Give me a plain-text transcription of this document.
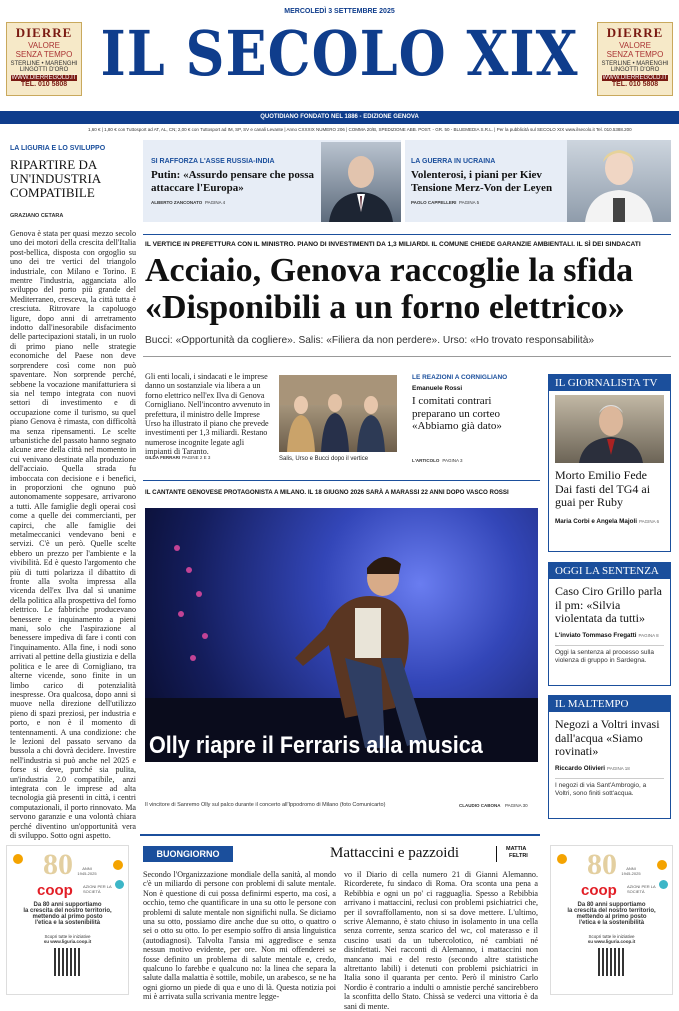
DIERRE
VALORE
SENZA TEMPO
STERLINE • MARENGHI LINGOTTI D'ORO
WWW.DIERREGOLD.IT
TEL. 010 5808
DIERRE
VALORE
SENZA TEMPO
STERLINE • MARENGHI LINGOTTI D'ORO
WWW.DIERREGOLD.IT
TEL. 010 5808
MERCOLEDÌ 3 SETTEMBRE 2025
IL SECOLO XIX
QUOTIDIANO FONDATO NEL 1886 - EDIZIONE GENOVA
1,60 € | 1,80 € con Tuttosport ad AT, AL, CN; 2,00 € con Tuttosport ad IM, SP, SV e canali Levante | Anno CXXXIX NUMERO 206 | COMMA 20/B, SPEDIZIONE ABB. POST. - GR. 50 - BLUEMEDIA S.R.L. | Per la pubblicità sul SECOLO XIX www.ilsecolo.it Tel. 010.5388.200
LA LIGURIA E LO SVILUPPO
RIPARTIRE DA UN'INDUSTRIA COMPATIBILE
GRAZIANO CETARA
Genova è stata per quasi mezzo secolo uno dei motori della crescita dell'Italia post-bellica, disposta con orgoglio su uno dei tre vertici del triangolo industriale, con Milano e Torino. E mentre l'industria, agganciata allo sviluppo del porto più grande del Mediterraneo, cresceva, la città tutta è cresciuta. Ritrovare la capoluogo ligure, dopo anni di arretramento indotto dall'inesorabile disfacimento delle partecipazioni statali, in un ruolo di primo piano nelle strategie economiche del Paese non deve sorprendere così come non può spaventare. Non sorprende perché, sebbene la vocazione manifatturiera si sia nel tempo integrata con nuovi settori di investimento e di occupazione come il turismo, su quel piano Genova è rimasta, con difficoltà ma senza ripensamenti. Le scelte urbanistiche del passato hanno segnato alcune aree della città nel momento in cui venivano destinate alla produzione dell'acciaio. Quella strada fu imboccata con decisione e i benefici, in proporzioni che ognuno può autonomamente soppesare, arrivarono a tutti. Alle famiglie degli operai così come a quelle dei commercianti, per capirci, che alle famiglie dei metalmeccanici vendevano beni e servizi. C'è un però. Quelle scelte ebbero un prezzo per l'ambiente e la vivibilità. Ed è questo l'argomento che più di tutti polarizza il dibattito di fronte alla svolta impressa alla vicenda dell'ex Ilva dal sì unanime della politica alla prospettiva del forno elettrico. Le fabbriche producevano benessere e inquinamento a pieni mani, solo che l'aspirazione al benessere impediva di fare i conti con l'inquinamento. Alla fine, i nodi sono arrivati al pettine della giustizia e della politica e le aree di Cornigliano, tra alterne vicende, sono finite in un limbo carico di potenzialità inespresse. Ora qualcosa, dopo anni si muove nella direzione dell'utilizzo pieno di spazi preziosi, per industria e porto, e non è il momento di tentennamenti. A una condizione: che le lezioni del passato servano da bussola a chi dovrà decidere. Investire nell'industria si può anche nel 2025 e forse si deve, purché sia pulita, un'industria 2.0 compatibile, anzi integrata con le imprese ad alta tecnologia già presenti in città, i centri computazionali, il porto rinnovato. Ma servono garanzie e una volontà chiara perché diventino un'opportunità vera di sviluppo. Sotto ogni aspetto.
SI RAFFORZA L'ASSE RUSSIA-INDIA
Putin: «Assurdo pensare che possa attaccare l'Europa»
ALBERTO ZANCONATO PAGINA 4
LA GUERRA IN UCRAINA
Volenterosi, i piani per Kiev Tensione Merz-Von der Leyen
PAOLO CAPPELLERI PAGINA 5
IL VERTICE IN PREFETTURA CON IL MINISTRO. PIANO DI INVESTIMENTI DA 1,3 MILIARDI. IL COMUNE CHIEDE GARANZIE AMBIENTALI. IL SÌ DEI SINDACATI
Acciaio, Genova raccoglie la sfida
«Disponibili a un forno elettrico»
Bucci: «Opportunità da cogliere». Salis: «Filiera da non perdere». Urso: «Ho trovato responsabilità»
Gli enti locali, i sindacati e le imprese danno un sostanziale via libera a un forno elettrico nell'ex Ilva di Genova Cornigliano. Nell'incontro avvenuto in prefettura, il ministro delle Imprese Urso ha illustrato il piano che prevede investimenti per 1,3 miliardi. Restano numerose incognite legate agli impianti di Taranto.
GILDA FERRARI PAGINE 2 E 3	Salis, Urso e Bucci dopo il vertice
LE REAZIONI A CORNIGLIANO
Emanuele Rossi
I comitati contrari preparano un corteo «Abbiamo già dato»
L'ARTICOLO PAGINA 3
IL CANTANTE GENOVESE PROTAGONISTA A MILANO. IL 18 GIUGNO 2026 SARÀ A MARASSI 22 ANNI DOPO VASCO ROSSI
Olly riapre il Ferraris alla musica
Il vincitore di Sanremo Olly sul palco durante il concerto all'Ippodromo di Milano (foto Comunicarto)	CLAUDIO CABONA PAGINA 30
IL GIORNALISTA TV
Morto Emilio Fede Dai fasti del TG4 ai guai per Ruby
Maria Corbi e Angela Majoli PAGINA 6
OGGI LA SENTENZA
Caso Ciro Grillo parla il pm: «Silvia violentata da tutti»
L'inviato Tommaso Fregatti PAGINA 8
Oggi la sentenza al processo sulla violenza di gruppo in Sardegna.
IL MALTEMPO
Negozi a Voltri invasi dall'acqua «Siamo rovinati»
Riccardo Olivieri PAGINA 18
I negozi di via Sant'Ambrogio, a Voltri, sono finiti sott'acqua.
BUONGIORNO	Mattaccini e pazzoidi	MATTIA
FELTRI
Secondo l'Organizzazione mondiale della sanità, al mondo c'è un miliardo di persone con problemi di salute mentale. Non è questione di cui possa definirmi esperto, ma così, a occhio, temo che quantificare in una su otto le persone con problemi di salute mentale non significhi nulla. Se diciamo una su otto, possiamo dire anche due su otto, o quattro o sei o otto su otto. Io per esempio soffro di ansia linguistica (autodiagnosi). Talvolta l'ansia mi aggredisce e senza nessun motivo evidente, per ore. Non mi offenderei se fosse definito un problema di salute mentale e, credo, qualcuno lo farebbe e qualcuno no: la linea che separa la salute dalla malattia è sottile, mobile, un arabesco, se ne ha ogni giorno un piede di qua e uno di là. Questa notizia poi mi è arrivata sulla scrivania mentre legge-
vo il Diario di cella numero 21 di Gianni Alemanno. Ricorderete, fu sindaco di Roma. Ora sconta una pena a Rebibbia e ogni un po' ci ragguaglia. Spesso a Rebibbia arrivano i mattaccini, reclusi con problemi psichiatrici che, per il sovraffollamento, non si sa dove mettere. L'ultimo, scrive Alemanno, è stato chiuso in isolamento in una cella senza corrente, senza scarico del wc, col materasso e il cuscino usati da un tubercolotico, né cambiati né disinfettati. Nei racconti di Alemanno, i mattaccini non mancano mai e del resto (secondo altre statistiche altrettanto labili) i detenuti con problemi psichiatrici in Italia sono il quaranta per cento. Però il ministro Carlo Nordio è contrario a indulti o amnistie perché sancirebbero la sconfitta dello Stato. Chissà se vederci una vittoria è da sani di mente.
80	ANNI 1945-2025
coop	AZIONI PER LA SOCIETÀ
Da 80 anni supportiamo
la crescita del nostro territorio,
mettendo al primo posto
l'etica e la sostenibilità
Scopri tutte le iniziative
su www.liguria.coop.it
80	ANNI 1945-2025
coop	AZIONI PER LA SOCIETÀ
Da 80 anni supportiamo
la crescita del nostro territorio,
mettendo al primo posto
l'etica e la sostenibilità
Scopri tutte le iniziative
su www.liguria.coop.it
